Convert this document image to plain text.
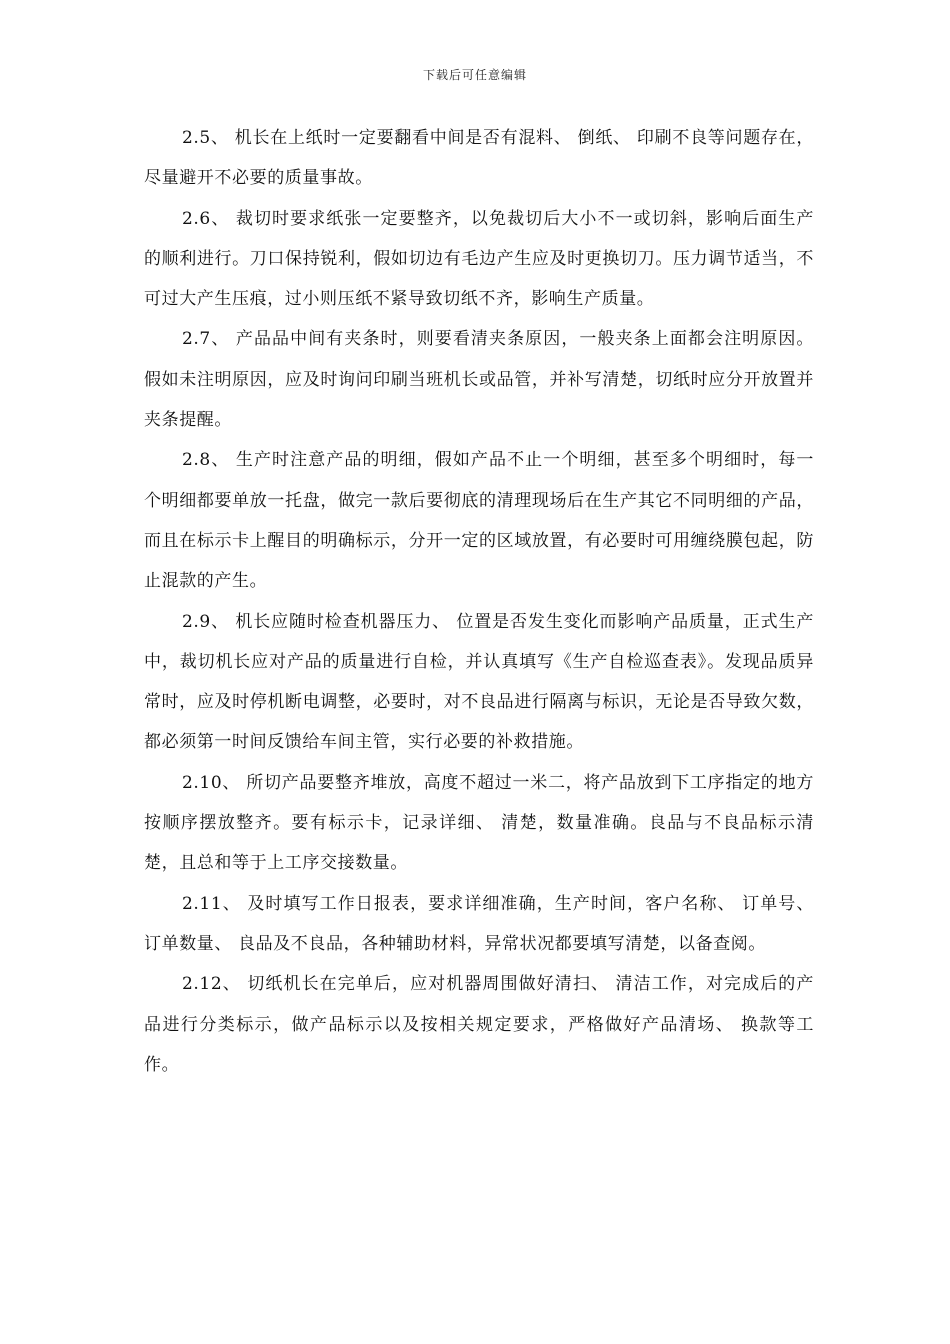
下载后可任意编辑

2.5、 机长在上纸时一定要翻看中间是否有混料、 倒纸、 印刷不良等问题存在，尽量避开不必要的质量事故。

2.6、 裁切时要求纸张一定要整齐，以免裁切后大小不一或切斜，影响后面生产的顺利进行。刀口保持锐利，假如切边有毛边产生应及时更换切刀。压力调节适当，不可过大产生压痕，过小则压纸不紧导致切纸不齐，影响生产质量。

2.7、 产品品中间有夹条时，则要看清夹条原因，一般夹条上面都会注明原因。假如未注明原因，应及时询问印刷当班机长或品管，并补写清楚，切纸时应分开放置并夹条提醒。

2.8、 生产时注意产品的明细，假如产品不止一个明细，甚至多个明细时，每一个明细都要单放一托盘，做完一款后要彻底的清理现场后在生产其它不同明细的产品，而且在标示卡上醒目的明确标示，分开一定的区域放置，有必要时可用缠绕膜包起，防止混款的产生。

2.9、 机长应随时检查机器压力、 位置是否发生变化而影响产品质量，正式生产中，裁切机长应对产品的质量进行自检，并认真填写《生产自检巡查表》。发现品质异常时，应及时停机断电调整，必要时，对不良品进行隔离与标识，无论是否导致欠数，都必须第一时间反馈给车间主管，实行必要的补救措施。

2.10、 所切产品要整齐堆放，高度不超过一米二，将产品放到下工序指定的地方按顺序摆放整齐。要有标示卡，记录详细、 清楚，数量准确。良品与不良品标示清楚，且总和等于上工序交接数量。

2.11、 及时填写工作日报表，要求详细准确，生产时间，客户名称、 订单号、 订单数量、 良品及不良品，各种辅助材料，异常状况都要填写清楚，以备查阅。

2.12、 切纸机长在完单后，应对机器周围做好清扫、 清洁工作，对完成后的产品进行分类标示，做产品标示以及按相关规定要求，严格做好产品清场、 换款等工作。
